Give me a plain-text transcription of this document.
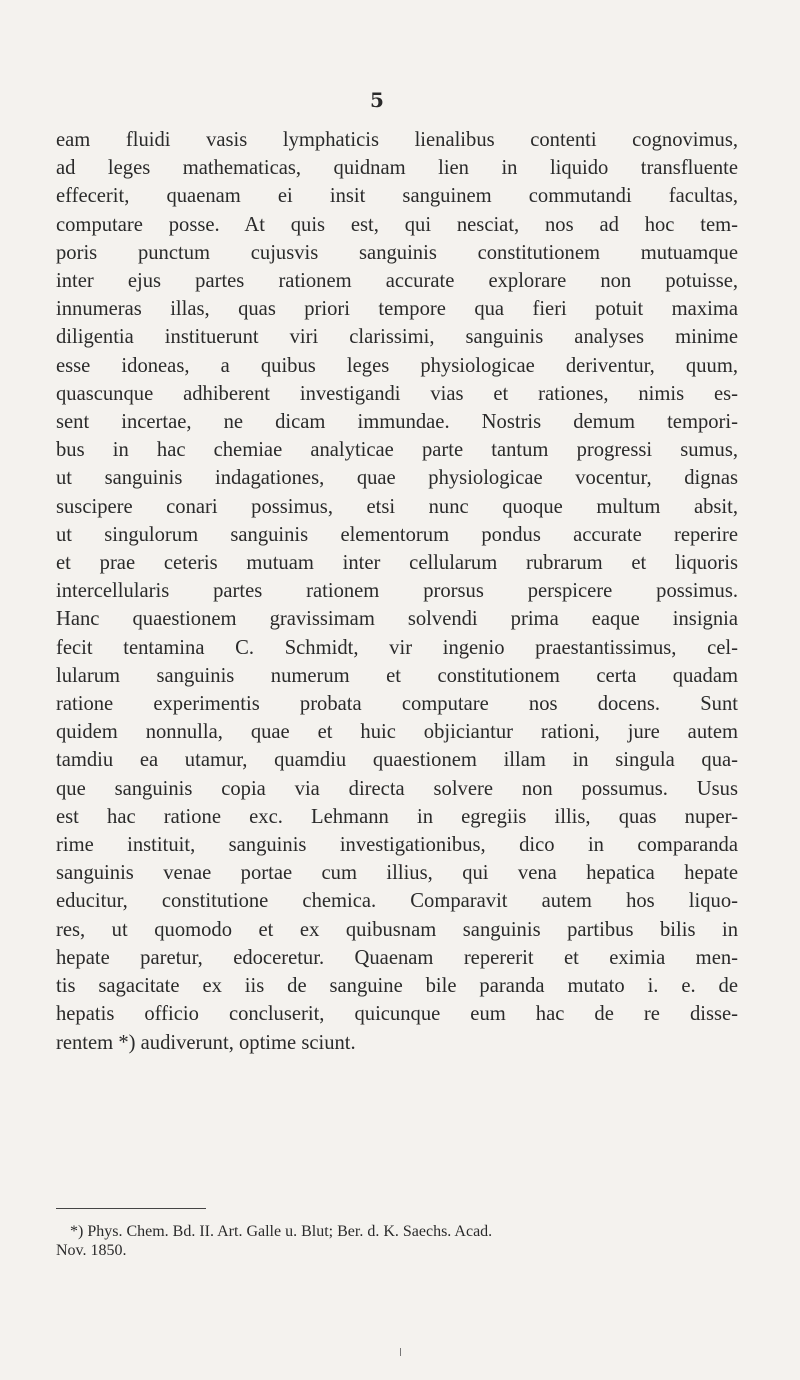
5
eam fluidi vasis lymphaticis lienalibus contenti cognovimus,
ad leges mathematicas, quidnam lien in liquido transfluente
effecerit, quaenam ei insit sanguinem commutandi facultas,
computare posse. At quis est, qui nesciat, nos ad hoc tem-
poris punctum cujusvis sanguinis constitutionem mutuamque
inter ejus partes rationem accurate explorare non potuisse,
innumeras illas, quas priori tempore qua fieri potuit maxima
diligentia instituerunt viri clarissimi, sanguinis analyses minime
esse idoneas, a quibus leges physiologicae deriventur, quum,
quascunque adhiberent investigandi vias et rationes, nimis es-
sent incertae, ne dicam immundae. Nostris demum tempori-
bus in hac chemiae analyticae parte tantum progressi sumus,
ut sanguinis indagationes, quae physiologicae vocentur, dignas
suscipere conari possimus, etsi nunc quoque multum absit,
ut singulorum sanguinis elementorum pondus accurate reperire
et prae ceteris mutuam inter cellularum rubrarum et liquoris
intercellularis partes rationem prorsus perspicere possimus.
Hanc quaestionem gravissimam solvendi prima eaque insignia
fecit tentamina C. Schmidt, vir ingenio praestantissimus, cel-
lularum sanguinis numerum et constitutionem certa quadam
ratione experimentis probata computare nos docens. Sunt
quidem nonnulla, quae et huic objiciantur rationi, jure autem
tamdiu ea utamur, quamdiu quaestionem illam in singula qua-
que sanguinis copia via directa solvere non possumus. Usus
est hac ratione exc. Lehmann in egregiis illis, quas nuper-
rime instituit, sanguinis investigationibus, dico in comparanda
sanguinis venae portae cum illius, qui vena hepatica hepate
educitur, constitutione chemica. Comparavit autem hos liquo-
res, ut quomodo et ex quibusnam sanguinis partibus bilis in
hepate paretur, edoceretur. Quaenam repererit et eximia men-
tis sagacitate ex iis de sanguine bile paranda mutato i. e. de
hepatis officio concluserit, quicunque eum hac de re disse-
rentem *) audiverunt, optime sciunt.
*) Phys. Chem. Bd. II. Art. Galle u. Blut; Ber. d. K. Saechs. Acad.
Nov. 1850.
